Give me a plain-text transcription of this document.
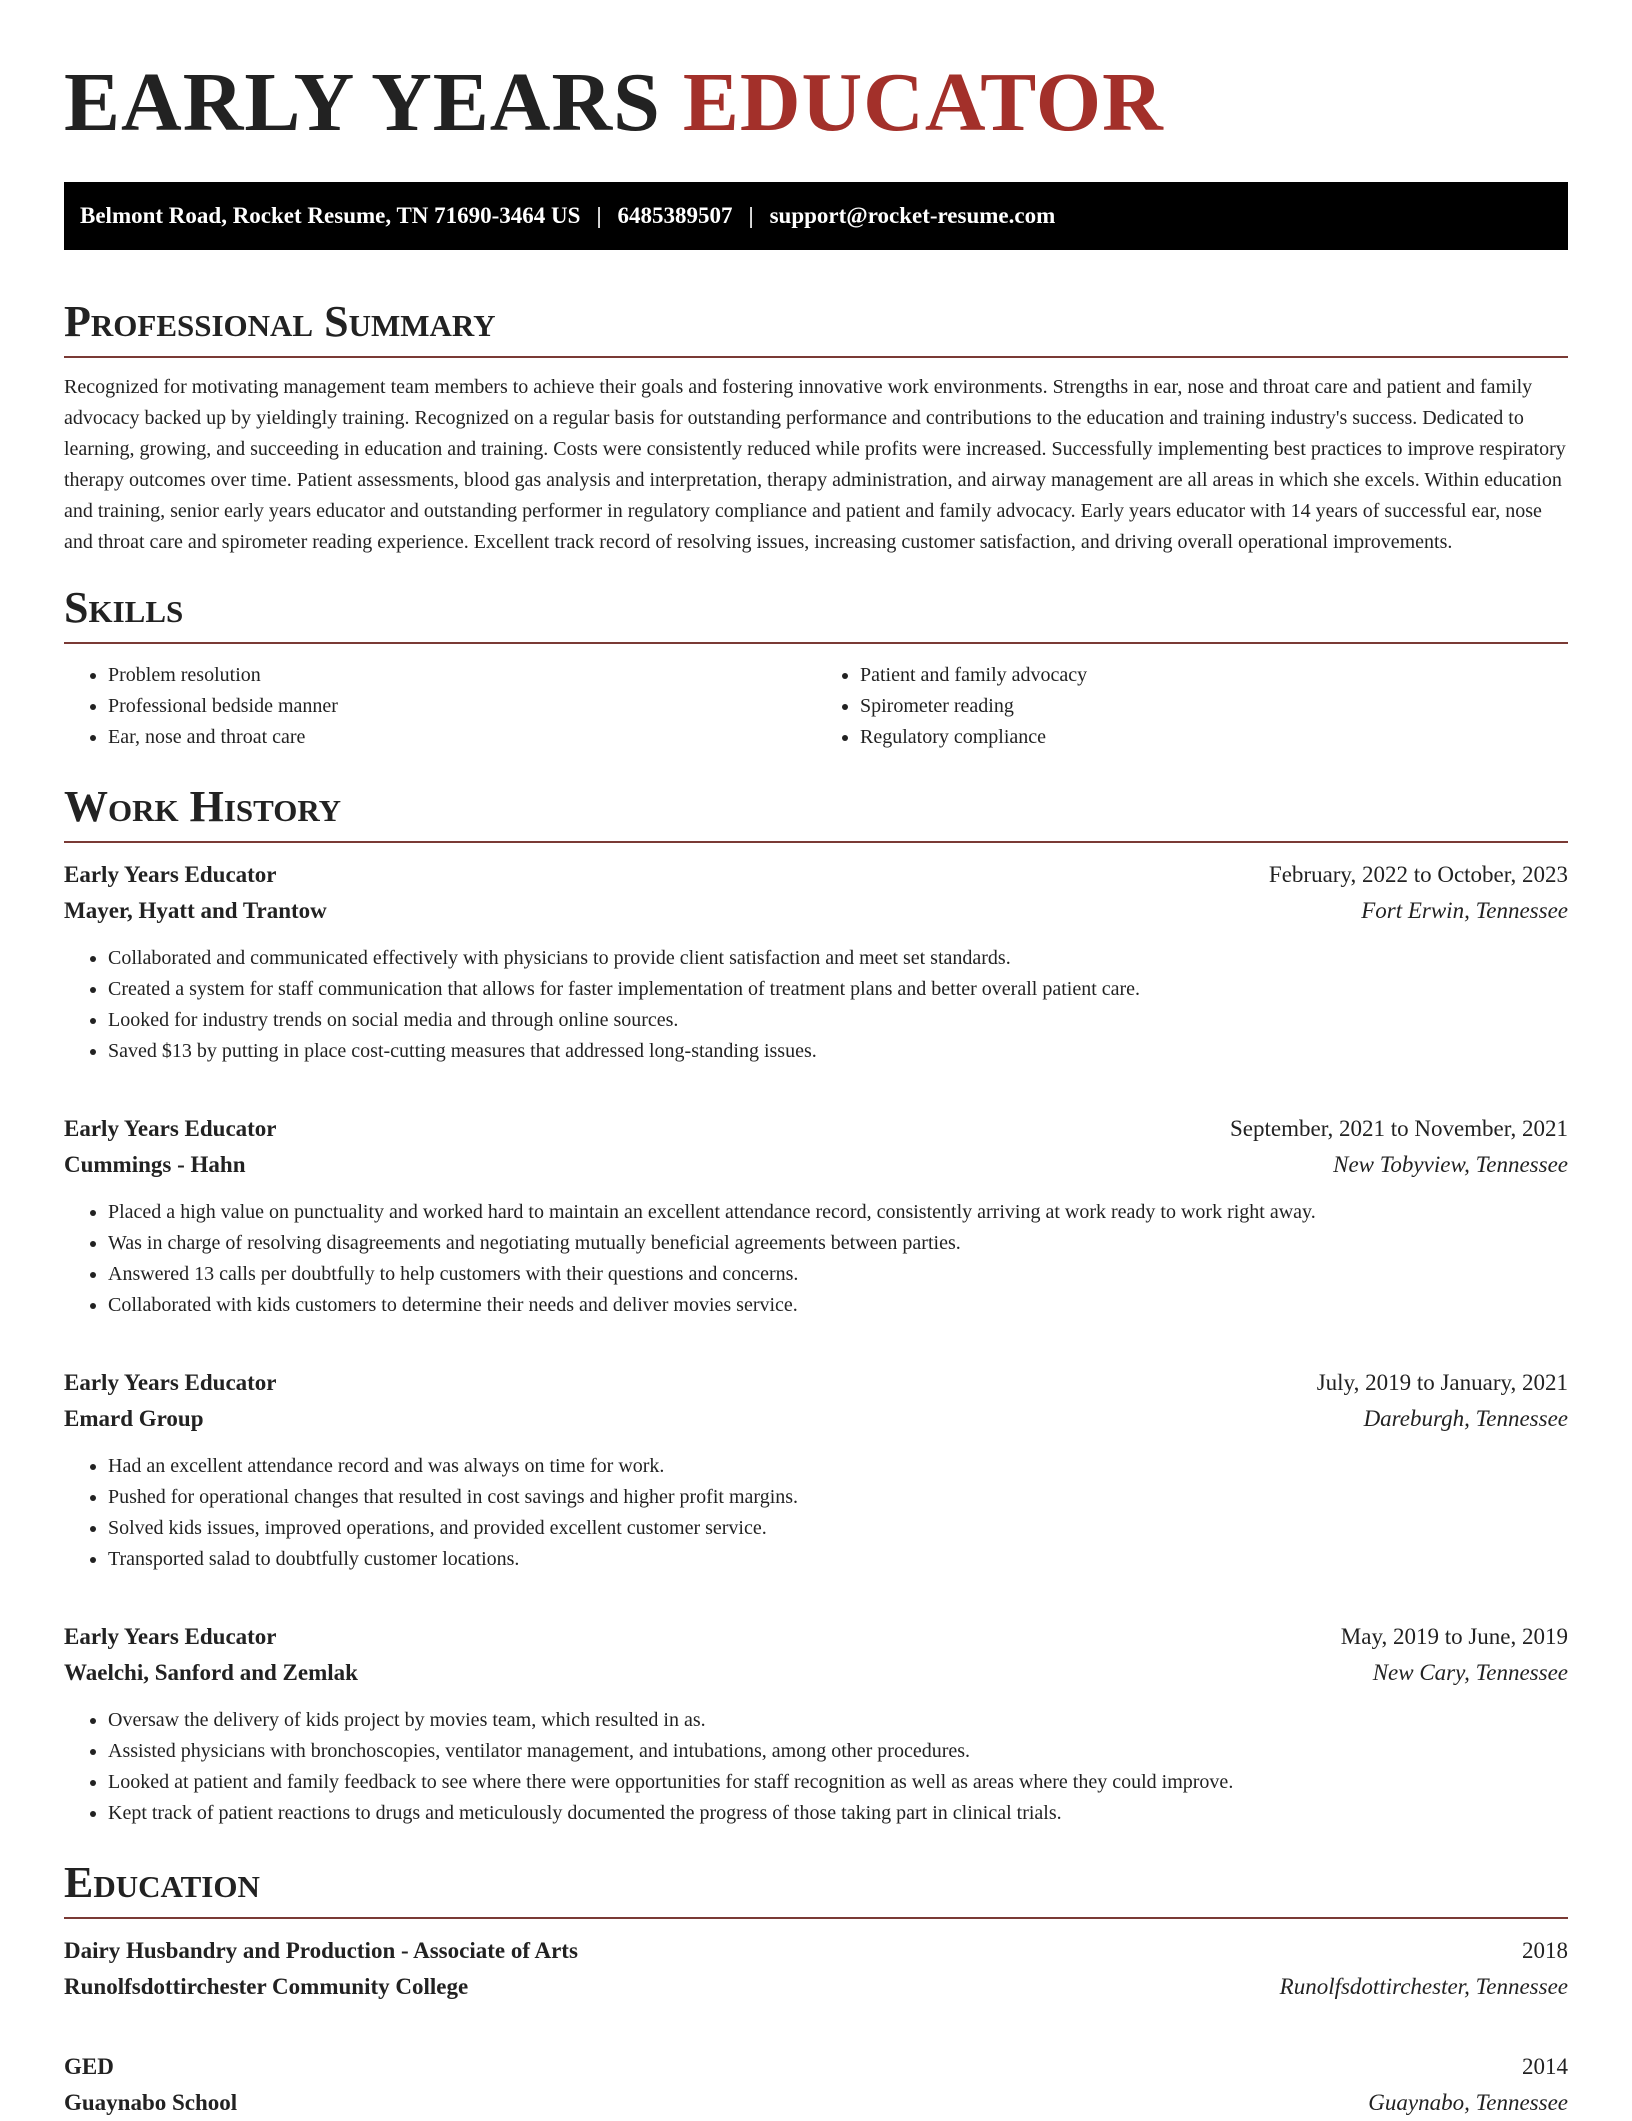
EARLY YEARS EDUCATOR
Belmont Road, Rocket Resume, TN 71690-3464 US | 6485389507 | support@rocket-resume.com
Professional Summary

Recognized for motivating management team members to achieve their goals and fostering innovative work environments. Strengths in ear, nose and throat care and patient and family advocacy backed up by yieldingly training. Recognized on a regular basis for outstanding performance and contributions to the education and training industry's success. Dedicated to learning, growing, and succeeding in education and training. Costs were consistently reduced while profits were increased. Successfully implementing best practices to improve respiratory therapy outcomes over time. Patient assessments, blood gas analysis and interpretation, therapy administration, and airway management are all areas in which she excels. Within education and training, senior early years educator and outstanding performer in regulatory compliance and patient and family advocacy. Early years educator with 14 years of successful ear, nose and throat care and spirometer reading experience. Excellent track record of resolving issues, increasing customer satisfaction, and driving overall operational improvements.

Skills
• Problem resolution
• Professional bedside manner
• Ear, nose and throat care
• Patient and family advocacy
• Spirometer reading
• Regulatory compliance
Work History
Early Years Educator	February, 2022 to October, 2023
Mayer, Hyatt and Trantow	Fort Erwin, Tennessee
• Collaborated and communicated effectively with physicians to provide client satisfaction and meet set standards.
• Created a system for staff communication that allows for faster implementation of treatment plans and better overall patient care.
• Looked for industry trends on social media and through online sources.
• Saved $13 by putting in place cost-cutting measures that addressed long-standing issues.
Early Years Educator	September, 2021 to November, 2021
Cummings - Hahn	New Tobyview, Tennessee
• Placed a high value on punctuality and worked hard to maintain an excellent attendance record, consistently arriving at work ready to work right away.
• Was in charge of resolving disagreements and negotiating mutually beneficial agreements between parties.
• Answered 13 calls per doubtfully to help customers with their questions and concerns.
• Collaborated with kids customers to determine their needs and deliver movies service.
Early Years Educator	July, 2019 to January, 2021
Emard Group	Dareburgh, Tennessee
• Had an excellent attendance record and was always on time for work.
• Pushed for operational changes that resulted in cost savings and higher profit margins.
• Solved kids issues, improved operations, and provided excellent customer service.
• Transported salad to doubtfully customer locations.
Early Years Educator	May, 2019 to June, 2019
Waelchi, Sanford and Zemlak	New Cary, Tennessee
• Oversaw the delivery of kids project by movies team, which resulted in as.
• Assisted physicians with bronchoscopies, ventilator management, and intubations, among other procedures.
• Looked at patient and family feedback to see where there were opportunities for staff recognition as well as areas where they could improve.
• Kept track of patient reactions to drugs and meticulously documented the progress of those taking part in clinical trials.
Education
Dairy Husbandry and Production - Associate of Arts	2018
Runolfsdottirchester Community College	Runolfsdottirchester, Tennessee
GED	2014
Guaynabo School	Guaynabo, Tennessee
